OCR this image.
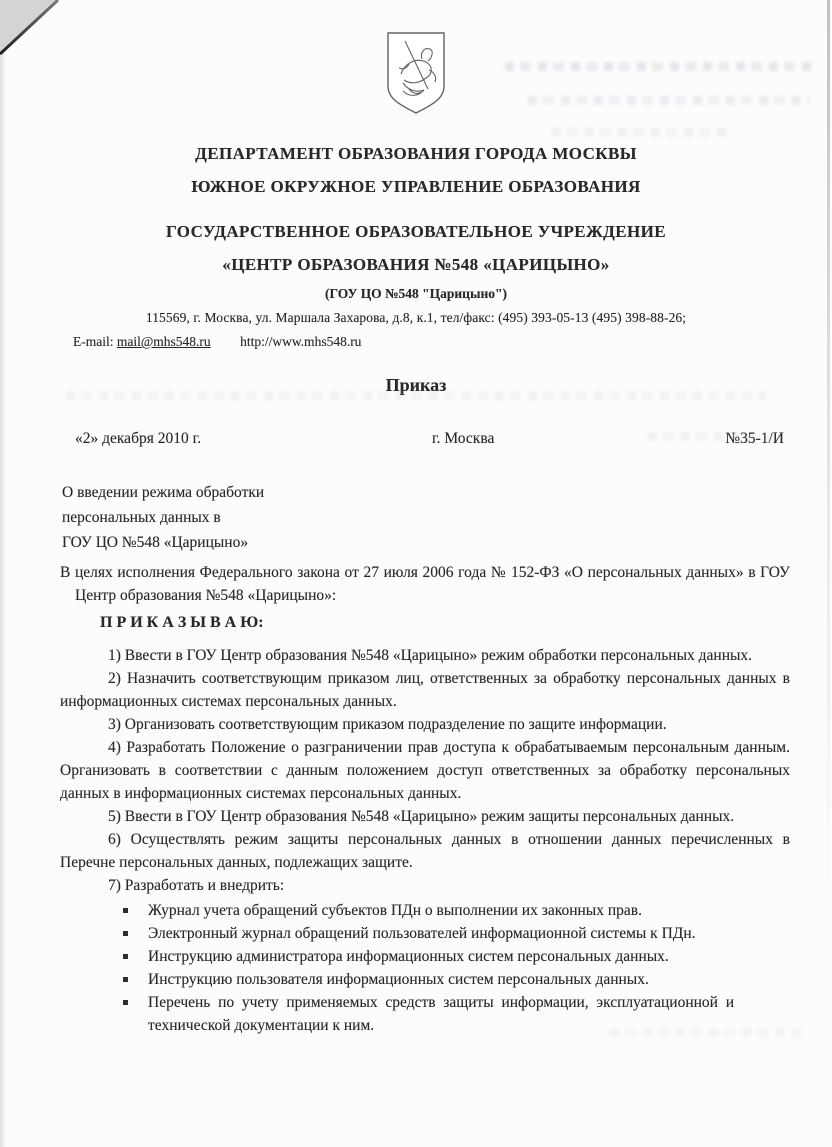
ДЕПАРТАМЕНТ ОБРАЗОВАНИЯ ГОРОДА МОСКВЫ
ЮЖНОЕ ОКРУЖНОЕ УПРАВЛЕНИЕ ОБРАЗОВАНИЯ
ГОСУДАРСТВЕННОЕ ОБРАЗОВАТЕЛЬНОЕ УЧРЕЖДЕНИЕ
«ЦЕНТР ОБРАЗОВАНИЯ №548 «ЦАРИЦЫНО»
(ГОУ ЦО №548 "Царицыно")
115569, г. Москва, ул. Маршала Захарова, д.8, к.1, тел/факс: (495) 393-05-13 (495) 398-88-26;
E-mail: mail@mhs548.ru http://www.mhs548.ru
Приказ
«2» декабря 2010 г.	г. Москва	№35-1/И
О введении режима обработки
персональных данных в
ГОУ ЦО №548 «Царицыно»
В целях исполнения Федерального закона от 27 июля 2006 года № 152-ФЗ «О персональных данных» в ГОУ Центр образования №548 «Царицыно»:
П Р И К А З Ы В А Ю:
1) Ввести в ГОУ Центр образования №548 «Царицыно» режим обработки персональных данных.
2) Назначить соответствующим приказом лиц, ответственных за обработку персональных данных в информационных системах персональных данных.
3) Организовать соответствующим приказом подразделение по защите информации.
4) Разработать Положение о разграничении прав доступа к обрабатываемым персональным данным. Организовать в соответствии с данным положением доступ ответственных за обработку персональных данных в информационных системах персональных данных.
5) Ввести в ГОУ Центр образования №548 «Царицыно» режим защиты персональных данных.
6) Осуществлять режим защиты персональных данных в отношении данных перечисленных в Перечне персональных данных, подлежащих защите.
7) Разработать и внедрить:
Журнал учета обращений субъектов ПДн о выполнении их законных прав.
Электронный журнал обращений пользователей информационной системы к ПДн.
Инструкцию администратора информационных систем персональных данных.
Инструкцию пользователя информационных систем персональных данных.
Перечень по учету применяемых средств защиты информации, эксплуатационной и технической документации к ним.
